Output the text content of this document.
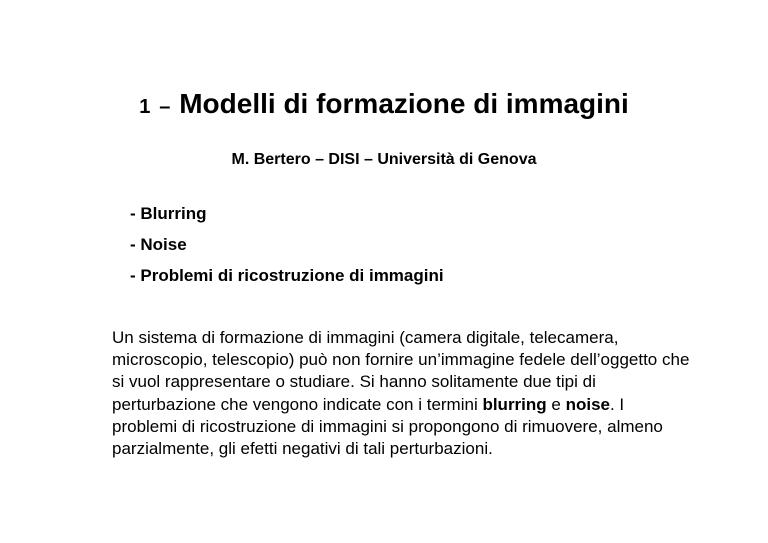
1 – Modelli di formazione di immagini

M. Bertero – DISI – Università di Genova

- Blurring
- Noise
- Problemi di ricostruzione di immagini

Un sistema di formazione di immagini (camera digitale, telecamera, microscopio, telescopio) può non fornire un’immagine fedele dell’oggetto che si vuol rappresentare o studiare. Si hanno solitamente due tipi di perturbazione che vengono indicate con i termini blurring e noise. I problemi di ricostruzione di immagini si propongono di rimuovere, almeno parzialmente, gli efetti negativi di tali perturbazioni.
